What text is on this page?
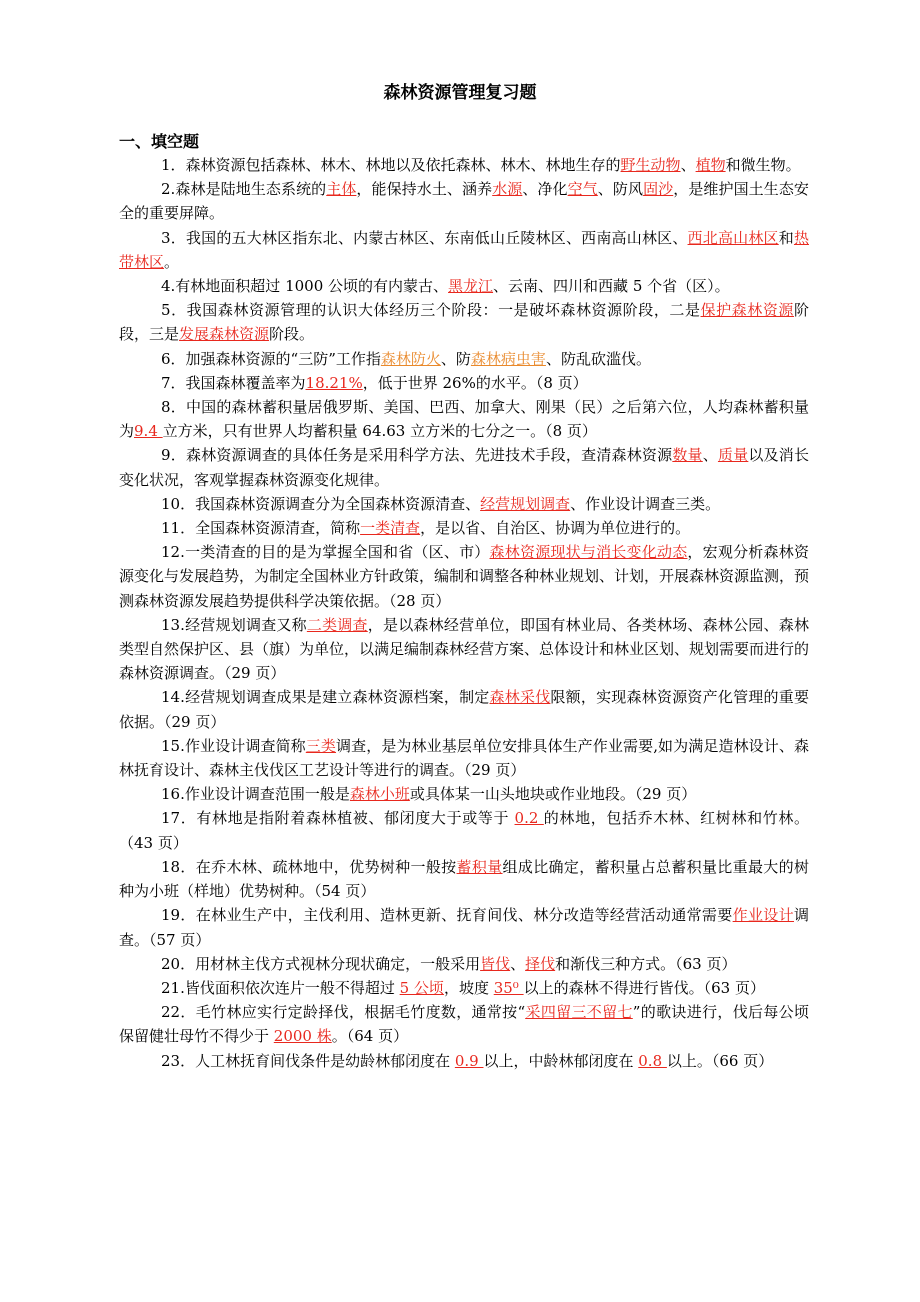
森林资源管理复习题
一、填空题

1．森林资源包括森林、林木、林地以及依托森林、林木、林地生存的野生动物、植物和微生物。

2.森林是陆地生态系统的主体，能保持水土、涵养水源、净化空气、防风固沙，是维护国土生态安全的重要屏障。

3．我国的五大林区指东北、内蒙古林区、东南低山丘陵林区、西南高山林区、西北高山林区和热带林区。

4.有林地面积超过 1000 公顷的有内蒙古、黑龙江、云南、四川和西藏 5 个省（区）。

5．我国森林资源管理的认识大体经历三个阶段：一是破坏森林资源阶段，二是保护森林资源阶段，三是发展森林资源阶段。

6．加强森林资源的“三防”工作指森林防火、防森林病虫害、防乱砍滥伐。

7．我国森林覆盖率为18.21%，低于世界 26%的水平。（8 页）

8．中国的森林蓄积量居俄罗斯、美国、巴西、加拿大、刚果（民）之后第六位，人均森林蓄积量为9.4 立方米，只有世界人均蓄积量 64.63 立方米的七分之一。（8 页）

9．森林资源调查的具体任务是采用科学方法、先进技术手段，查清森林资源数量、质量以及消长变化状况，客观掌握森林资源变化规律。

10．我国森林资源调查分为全国森林资源清查、经营规划调查、作业设计调查三类。

11．全国森林资源清查，简称一类清查，是以省、自治区、协调为单位进行的。

12.一类清查的目的是为掌握全国和省（区、市）森林资源现状与消长变化动态，宏观分析森林资源变化与发展趋势，为制定全国林业方针政策，编制和调整各种林业规划、计划，开展森林资源监测，预测森林资源发展趋势提供科学决策依据。（28 页）

13.经营规划调查又称二类调查，是以森林经营单位，即国有林业局、各类林场、森林公园、森林类型自然保护区、县（旗）为单位，以满足编制森林经营方案、总体设计和林业区划、规划需要而进行的森林资源调查。（29 页）

14.经营规划调查成果是建立森林资源档案，制定森林采伐限额，实现森林资源资产化管理的重要依据。（29 页）

15.作业设计调查简称三类调查，是为林业基层单位安排具体生产作业需要,如为满足造林设计、森林抚育设计、森林主伐伐区工艺设计等进行的调查。（29 页）

16.作业设计调查范围一般是森林小班或具体某一山头地块或作业地段。（29 页）

17．有林地是指附着森林植被、郁闭度大于或等于 0.2 的林地，包括乔木林、红树林和竹林。（43 页）

18．在乔木林、疏林地中，优势树种一般按蓄积量组成比确定，蓄积量占总蓄积量比重最大的树种为小班（样地）优势树种。（54 页）

19．在林业生产中，主伐利用、造林更新、抚育间伐、林分改造等经营活动通常需要作业设计调查。（57 页）

20．用材林主伐方式视林分现状确定，一般采用皆伐、择伐和渐伐三种方式。（63 页）

21.皆伐面积依次连片一般不得超过 5 公顷，坡度 35⁰ 以上的森林不得进行皆伐。（63 页）

22．毛竹林应实行定龄择伐，根据毛竹度数，通常按“采四留三不留七”的歌诀进行，伐后每公顷保留健壮母竹不得少于 2000 株。（64 页）

23．人工林抚育间伐条件是幼龄林郁闭度在 0.9 以上，中龄林郁闭度在 0.8 以上。（66 页）
